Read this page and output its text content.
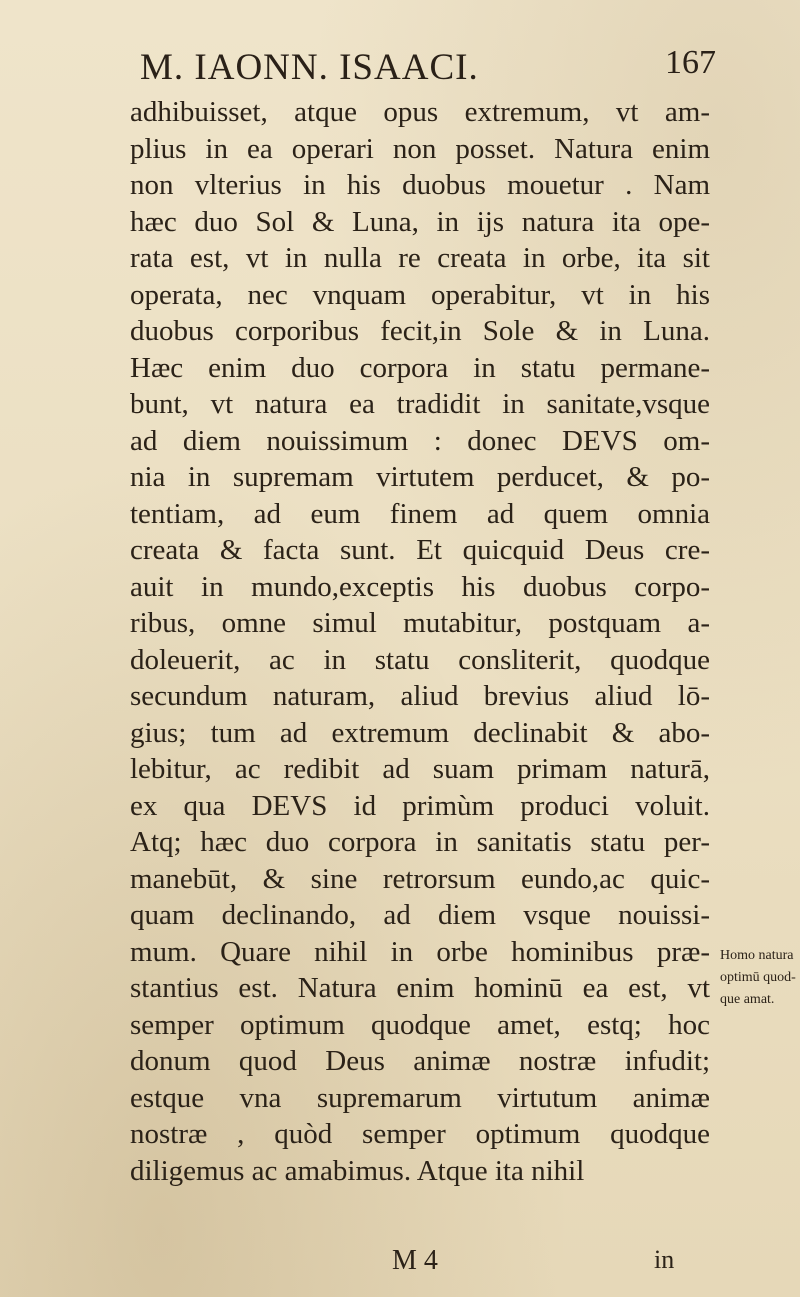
M. IAONN. ISAACI.	167
adhibuisset, atque opus extremum, vt am-
plius in ea operari non posset. Natura enim
non vlterius in his duobus mouetur . Nam
hæc duo Sol & Luna, in ijs natura ita ope-
rata est, vt in nulla re creata in orbe, ita sit
operata, nec vnquam operabitur, vt in his
duobus corporibus fecit,in Sole & in Luna.
Hæc enim duo corpora in statu permane-
bunt, vt natura ea tradidit in sanitate,vsque
ad diem nouissimum : donec DEVS om-
nia in supremam virtutem perducet, & po-
tentiam, ad eum finem ad quem omnia
creata & facta sunt. Et quicquid Deus cre-
auit in mundo,exceptis his duobus corpo-
ribus, omne simul mutabitur, postquam a-
doleuerit, ac in statu consliterit, quodque
secundum naturam, aliud brevius aliud lō-
gius; tum ad extremum declinabit & abo-
lebitur, ac redibit ad suam primam naturā,
ex qua DEVS id primùm produci voluit.
Atq; hæc duo corpora in sanitatis statu per-
manebūt, & sine retrorsum eundo,ac quic-
quam declinando, ad diem vsque nouissi-
mum. Quare nihil in orbe hominibus præ-
stantius est. Natura enim hominū ea est, vt
semper optimum quodque amet, estq; hoc
donum quod Deus animæ nostræ infudit;
estque vna supremarum virtutum animæ
nostræ , quòd semper optimum quodque
diligemus ac amabimus. Atque ita nihil
Homo natura
optimū quod-
que amat.
M 4	in
